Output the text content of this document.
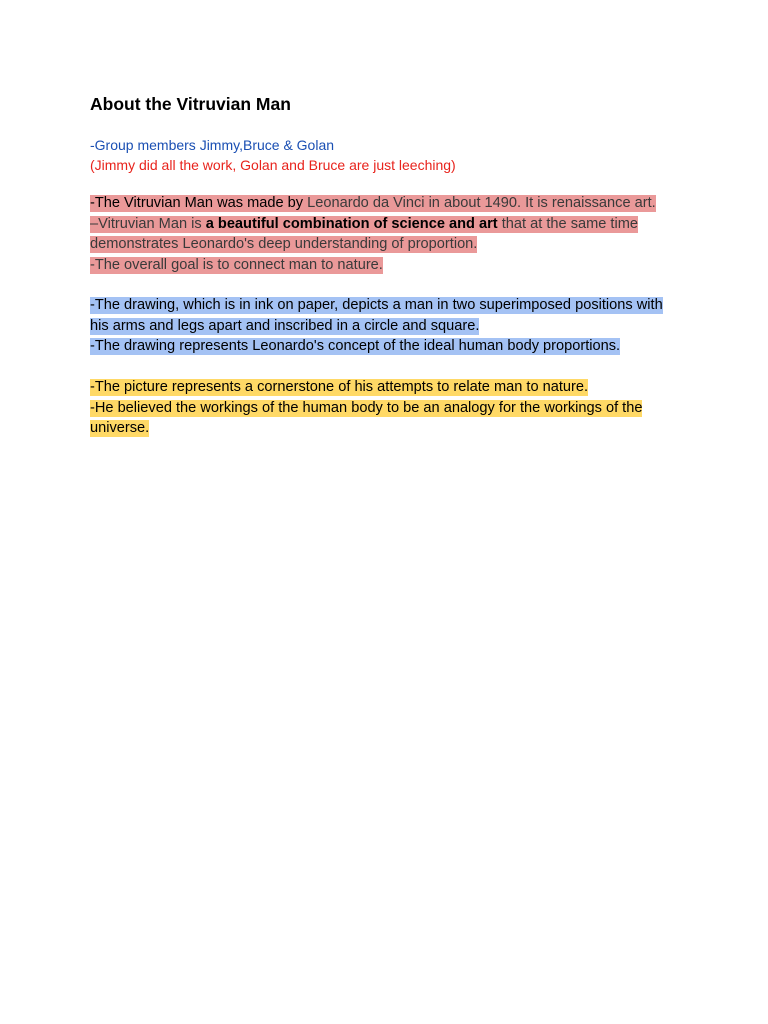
About the Vitruvian Man

-Group members Jimmy,Bruce & Golan

(Jimmy did all the work, Golan and Bruce are just leeching)

-The Vitruvian Man was made by Leonardo da Vinci in about 1490. It is renaissance art.

–Vitruvian Man is a beautiful combination of science and art that at the same time demonstrates Leonardo's deep understanding of proportion.

-The overall goal is to connect man to nature.

-The drawing, which is in ink on paper, depicts a man in two superimposed positions with his arms and legs apart and inscribed in a circle and square.

-The drawing represents Leonardo's concept of the ideal human body proportions.

-The picture represents a cornerstone of his attempts to relate man to nature.

-He believed the workings of the human body to be an analogy for the workings of the universe.
